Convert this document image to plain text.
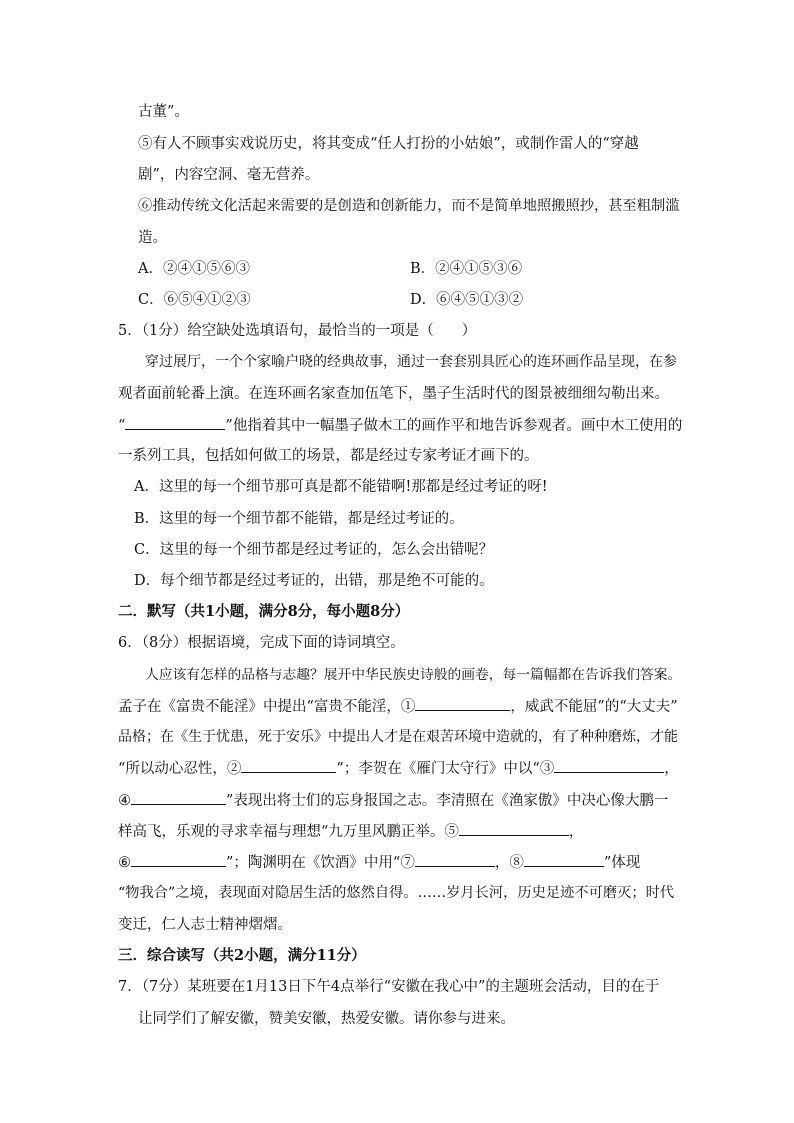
古董”。
⑤有人不顾事实戏说历史，将其变成“任人打扮的小姑娘”，或制作雷人的“穿越
剧”，内容空洞、毫无营养。
⑥推动传统文化活起来需要的是创造和创新能力，而不是简单地照搬照抄，甚至粗制滥
造。
A．②④①⑤⑥③	B．②④①⑤③⑥
C．⑥⑤④①②③	D．⑥④⑤①③②
5．（1分）给空缺处选填语句，最恰当的一项是（ ）
穿过展厅，一个个家喻户晓的经典故事，通过一套套别具匠心的连环画作品呈现，在参
观者面前轮番上演。在连环画名家查加伍笔下，墨子生活时代的图景被细细勾勒出来。
“	”他指着其中一幅墨子做木工的画作平和地告诉参观者。画中木工使用的
一系列工具，包括如何做工的场景，都是经过专家考证才画下的。
A．这里的每一个细节那可真是都不能错啊!那都是经过考证的呀!
B．这里的每一个细节都不能错，都是经过考证的。
C．这里的每一个细节都是经过考证的，怎么会出错呢？
D．每个细节都是经过考证的，出错，那是绝不可能的。
二．默写（共1小题，满分8分，每小题8分）
6．（8分）根据语境，完成下面的诗词填空。
人应该有怎样的品格与志趣？展开中华民族史诗般的画卷，每一篇幅都在告诉我们答案。
孟子在《富贵不能淫》中提出“富贵不能淫，①	，威武不能屈”的“大丈夫”
品格；在《生于忧患，死于安乐》中提出人才是在艰苦环境中造就的，有了种种磨炼，才能
“所以动心忍性，②	”；李贺在《雁门太守行》中以“③	，
④	”表现出将士们的忘身报国之志。李清照在《渔家傲》中决心像大鹏一
样高飞，乐观的寻求幸福与理想“九万里风鹏正举。⑤	，
⑥	”；陶渊明在《饮酒》中用“⑦	，⑧	”体现
“物我合”之境，表现面对隐居生活的悠然自得。……岁月长河，历史足迹不可磨灭；时代
变迁，仁人志士精神熠熠。
三．综合读写（共2小题，满分11分）
7．（7分）某班要在1月13日下午4点举行“安徽在我心中”的主题班会活动，目的在于
让同学们了解安徽，赞美安徽，热爱安徽。请你参与进来。
